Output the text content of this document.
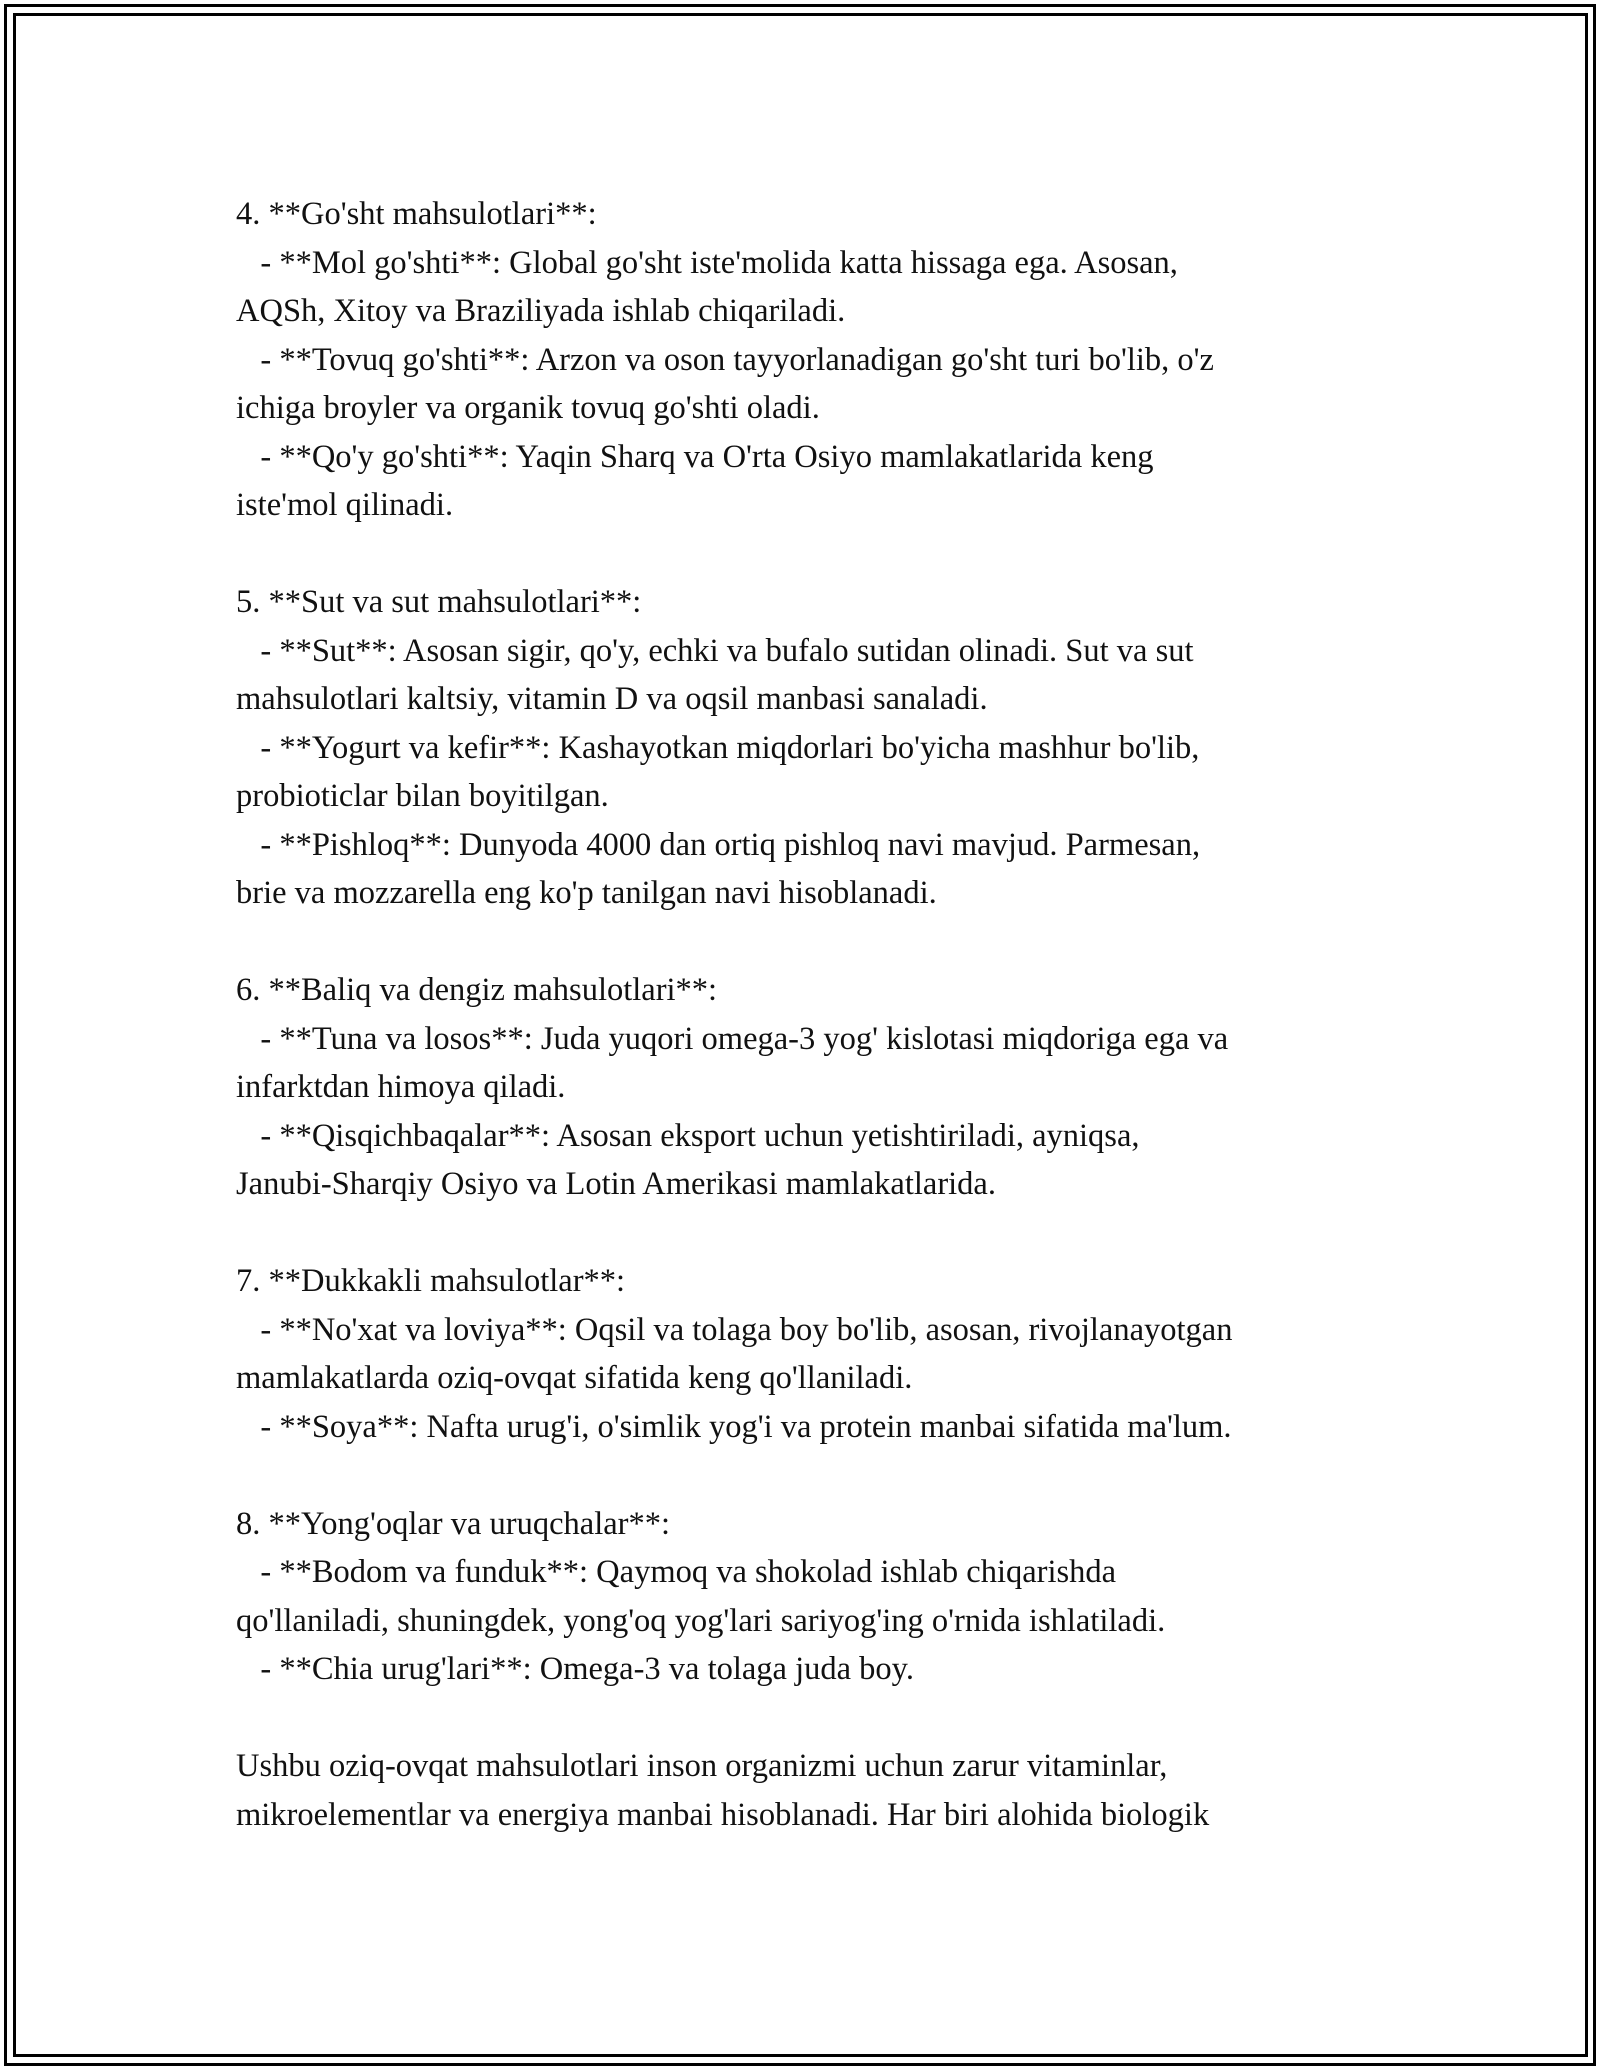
4. **Go'sht mahsulotlari**:

- **Mol go'shti**: Global go'sht iste'molida katta hissaga ega. Asosan,

AQSh, Xitoy va Braziliyada ishlab chiqariladi.

- **Tovuq go'shti**: Arzon va oson tayyorlanadigan go'sht turi bo'lib, o'z

ichiga broyler va organik tovuq go'shti oladi.

- **Qo'y go'shti**: Yaqin Sharq va O'rta Osiyo mamlakatlarida keng

iste'mol qilinadi.

5. **Sut va sut mahsulotlari**:

- **Sut**: Asosan sigir, qo'y, echki va bufalo sutidan olinadi. Sut va sut

mahsulotlari kaltsiy, vitamin D va oqsil manbasi sanaladi.

- **Yogurt va kefir**: Kashayotkan miqdorlari bo'yicha mashhur bo'lib,

probioticlar bilan boyitilgan.

- **Pishloq**: Dunyoda 4000 dan ortiq pishloq navi mavjud. Parmesan,

brie va mozzarella eng ko'p tanilgan navi hisoblanadi.

6. **Baliq va dengiz mahsulotlari**:

- **Tuna va losos**: Juda yuqori omega-3 yog' kislotasi miqdoriga ega va

infarktdan himoya qiladi.

- **Qisqichbaqalar**: Asosan eksport uchun yetishtiriladi, ayniqsa,

Janubi-Sharqiy Osiyo va Lotin Amerikasi mamlakatlarida.

7. **Dukkakli mahsulotlar**:

- **No'xat va loviya**: Oqsil va tolaga boy bo'lib, asosan, rivojlanayotgan

mamlakatlarda oziq-ovqat sifatida keng qo'llaniladi.

- **Soya**: Nafta urug'i, o'simlik yog'i va protein manbai sifatida ma'lum.

8. **Yong'oqlar va uruqchalar**:

- **Bodom va funduk**: Qaymoq va shokolad ishlab chiqarishda

qo'llaniladi, shuningdek, yong'oq yog'lari sariyog'ing o'rnida ishlatiladi.

- **Chia urug'lari**: Omega-3 va tolaga juda boy.

Ushbu oziq-ovqat mahsulotlari inson organizmi uchun zarur vitaminlar,

mikroelementlar va energiya manbai hisoblanadi. Har biri alohida biologik
